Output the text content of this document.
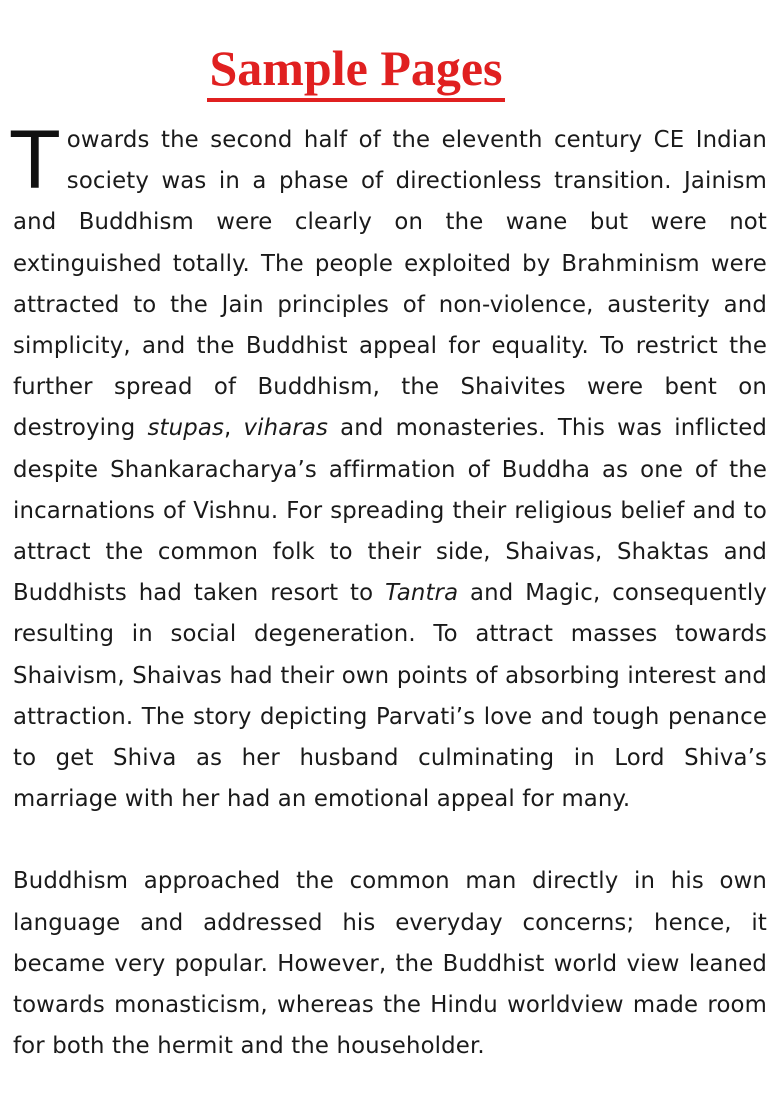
Sample Pages

Towards the second half of the eleventh century CE Indian society was in a phase of directionless transition. Jainism and Buddhism were clearly on the wane but were not extinguished totally. The people exploited by Brahminism were attracted to the Jain principles of non-violence, austerity and simplicity, and the Buddhist appeal for equality. To restrict the further spread of Buddhism, the Shaivites were bent on destroying stupas, viharas and monasteries. This was inflicted despite Shankaracharya’s affirmation of Buddha as one of the incarnations of Vishnu. For spreading their religious belief and to attract the common folk to their side, Shaivas, Shaktas and Buddhists had taken resort to Tantra and Magic, consequently resulting in social degeneration. To attract masses towards Shaivism, Shaivas had their own points of absorbing interest and attraction. The story depicting Parvati’s love and tough penance to get Shiva as her husband culminating in Lord Shiva’s marriage with her had an emotional appeal for many.

Buddhism approached the common man directly in his own language and addressed his everyday concerns; hence, it became very popular. However, the Buddhist world view leaned towards monasticism, whereas the Hindu worldview made room for both the hermit and the householder.
